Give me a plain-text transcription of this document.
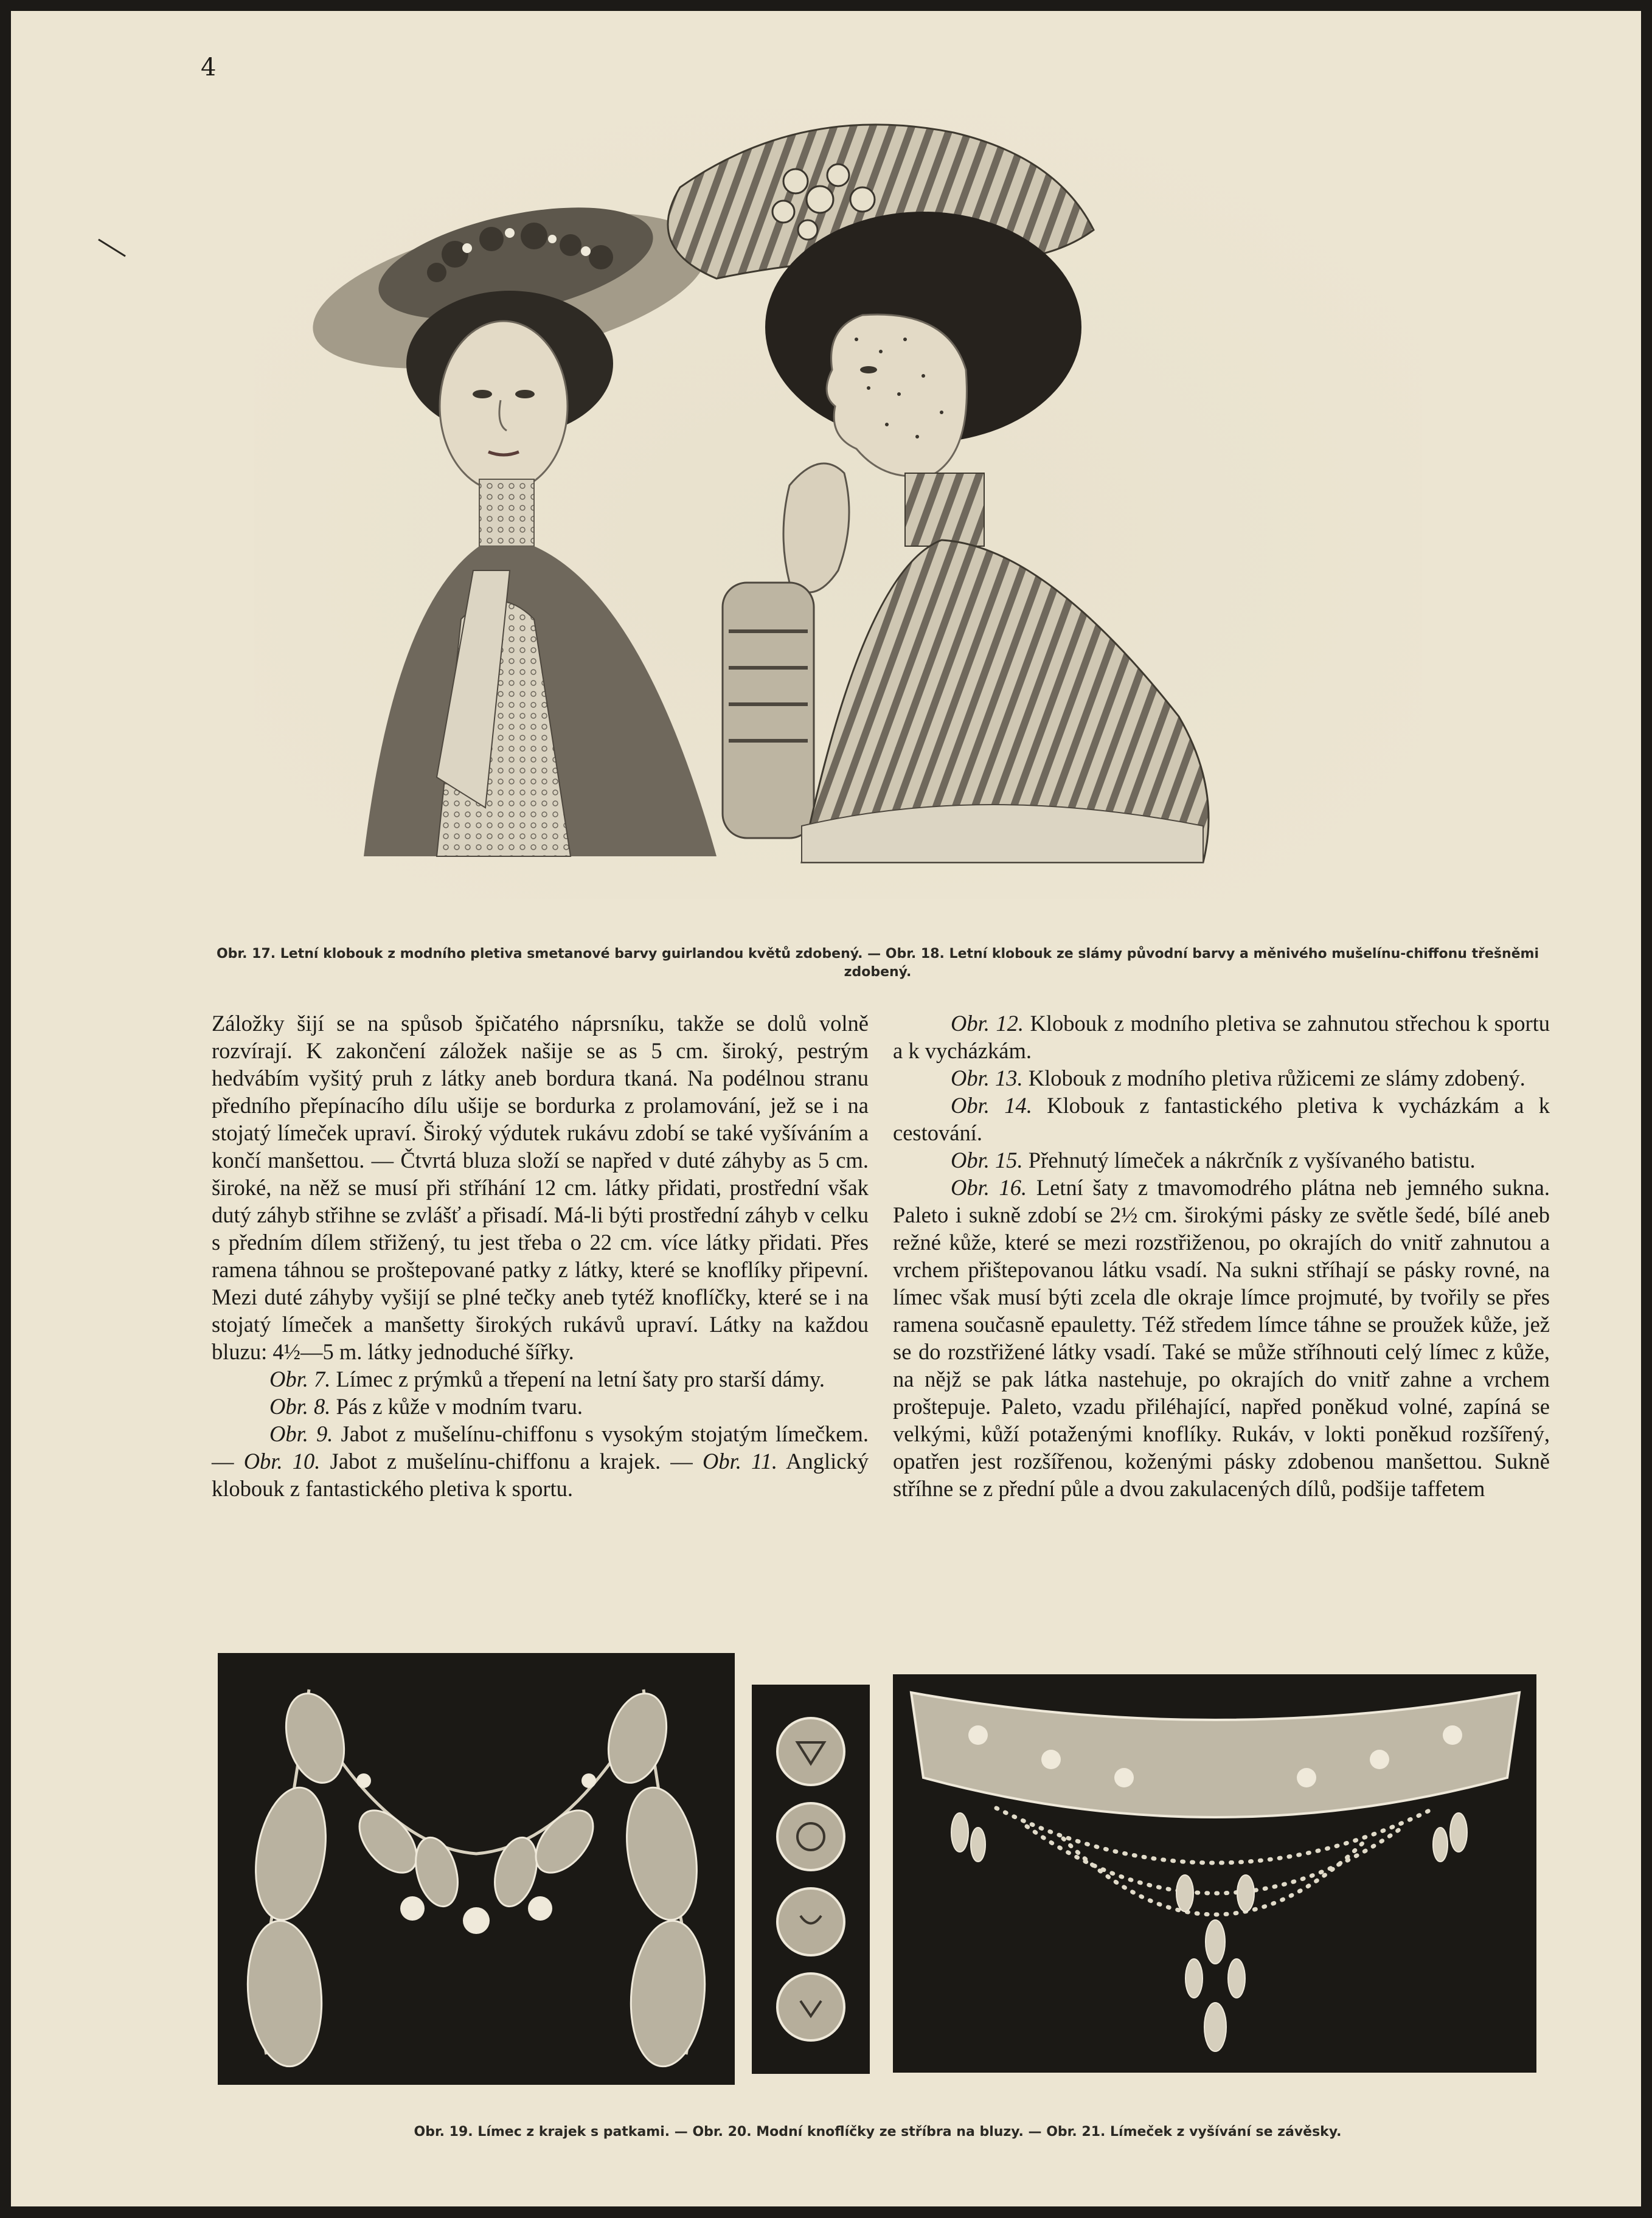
4
Obr. 17. Letní klobouk z modního pletiva smetanové barvy guirlandou květů zdobený. — Obr. 18. Letní klobouk ze slámy původní barvy a měnivého mušelínu-chiffonu třešněmi zdobený.

Záložky šijí se na spůsob špičatého náprsníku, takže se dolů volně rozvírají. K zakončení záložek našije se as 5 cm. široký, pestrým hedvábím vyšitý pruh z látky aneb bordura tkaná. Na podélnou stranu předního přepínacího dílu ušije se bordurka z prolamování, jež se i na stojatý límeček upraví. Široký výdutek rukávu zdobí se také vyšíváním a končí manšettou. — Čtvrtá bluza složí se napřed v duté záhyby as 5 cm. široké, na něž se musí při stříhání 12 cm. látky přidati, prostřední však dutý záhyb střihne se zvlášť a přisadí. Má-li býti prostřední záhyb v celku s předním dílem střižený, tu jest třeba o 22 cm. více látky přidati. Přes ramena táhnou se proštepované patky z látky, které se knoflíky připevní. Mezi duté záhyby vyšijí se plné tečky aneb tytéž knoflíčky, které se i na stojatý límeček a manšetty širokých rukávů upraví. Látky na každou bluzu: 4½—5 m. látky jednoduché šířky.

Obr. 7. Límec z prýmků a třepení na letní šaty pro starší dámy.

Obr. 8. Pás z kůže v modním tvaru.

Obr. 9. Jabot z mušelínu-chiffonu s vysokým stojatým límečkem. — Obr. 10. Jabot z mušelínu-chiffonu a krajek. — Obr. 11. Anglický klobouk z fantastického pletiva k sportu.

Obr. 12. Klobouk z modního pletiva se zahnutou střechou k sportu a k vycházkám.

Obr. 13. Klobouk z modního pletiva růžicemi ze slámy zdobený.

Obr. 14. Klobouk z fantastického pletiva k vycházkám a k cestování.

Obr. 15. Přehnutý límeček a nákrčník z vyšívaného batistu.

Obr. 16. Letní šaty z tmavomodrého plátna neb jemného sukna. Paleto i sukně zdobí se 2½ cm. širokými pásky ze světle šedé, bílé aneb režné kůže, které se mezi rozstřiženou, po okrajích do vnitř zahnutou a vrchem přištepovanou látku vsadí. Na sukni stříhají se pásky rovné, na límec však musí býti zcela dle okraje límce projmuté, by tvořily se přes ramena současně epauletty. Též středem límce táhne se proužek kůže, jež se do rozstřižené látky vsadí. Také se může stříhnouti celý límec z kůže, na nějž se pak látka nastehuje, po okrajích do vnitř zahne a vrchem proštepuje. Paleto, vzadu přiléhající, napřed poněkud volné, zapíná se velkými, kůží potaženými knoflíky. Rukáv, v lokti poněkud rozšířený, opatřen jest rozšířenou, koženými pásky zdobenou manšettou. Sukně stříhne se z přední půle a dvou zakulacených dílů, podšije taffetem

Obr. 19. Límec z krajek s patkami. — Obr. 20. Modní knoflíčky ze stříbra na bluzy. — Obr. 21. Límeček z vyšívání se závěsky.
